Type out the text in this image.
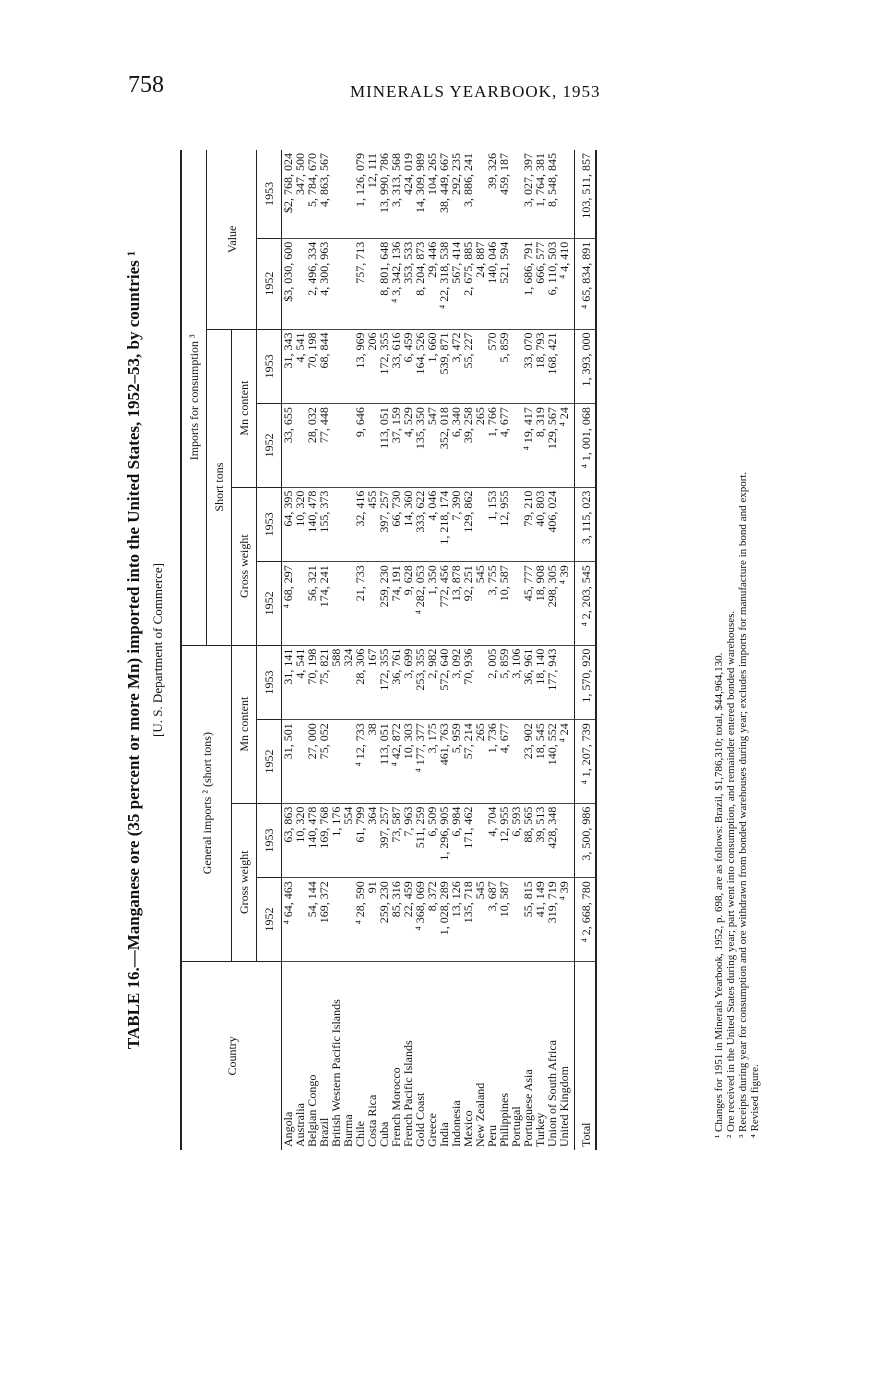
758	MINERALS YEARBOOK, 1953
TABLE 16.—Manganese ore (35 percent or more Mn) imported into the United States, 1952–53, by countries ¹ [U. S. Department of Commerce]
Country	General imports ² (short tons)				Imports for consumption ³					
					Short tons				Value	
	Gross weight		Mn content		Gross weight		Mn content			
	1952	1953	1952	1953	1952	1953	1952	1953	1952	1953
Angola	⁴ 64, 463	63, 863	31, 501	31, 141	⁴ 68, 297	64, 395	33, 655	31, 343	$3, 030, 600	$2, 768, 024
Australia		10, 320		4, 541		10, 320		4, 541		347, 500
Belgian Congo	54, 144	140, 478	27, 000	70, 198	56, 321	140, 478	28, 032	70, 198	2, 496, 334	5, 784, 670
Brazil	169, 372	169, 768	75, 052	75, 821	174, 241	155, 373	77, 448	68, 844	4, 300, 963	4, 863, 567
British Western Pacific Islands		1, 176		588						
Burma		554		324						
Chile	⁴ 28, 590	61, 799	⁴ 12, 733	28, 306	21, 733	32, 416	9, 646	13, 969	757, 713	1, 126, 079
Costa Rica	91	364	38	167		455		206		12, 111
Cuba	259, 230	397, 257	113, 051	172, 355	259, 230	397, 257	113, 051	172, 355	8, 801, 648	13, 990, 786
French Morocco	85, 316	73, 587	⁴ 42, 872	36, 761	74, 191	66, 730	37, 159	33, 616	⁴ 3, 342, 136	3, 313, 568
French Pacific Islands	22, 459	7, 963	10, 303	3, 699	9, 628	14, 360	4, 529	6, 459	353, 533	424, 019
Gold Coast	⁴ 368, 069	511, 259	⁴ 177, 377	253, 355	⁴ 282, 053	333, 622	135, 350	164, 526	8, 204, 873	14, 309, 989
Greece	8, 372	6, 509	3, 175	2, 982	1, 350	4, 046	547	1, 660	29, 446	104, 265
India	1, 028, 289	1, 296, 905	461, 763	572, 640	772, 456	1, 218, 174	352, 018	539, 871	⁴ 22, 318, 538	38, 449, 667
Indonesia	13, 126	6, 984	5, 959	3, 092	13, 878	7, 390	6, 340	3, 472	567, 414	292, 235
Mexico	135, 718	171, 462	57, 214	70, 936	92, 251	129, 862	39, 258	55, 227	2, 675, 885	3, 886, 241
New Zealand	545		265		545		265		24, 887	
Peru	3, 687	4, 704	1, 736	2, 005	3, 755	1, 153	1, 766	570	140, 046	39, 326
Philippines	10, 587	12, 955	4, 677	5, 859	10, 587	12, 955	4, 677	5, 859	521, 594	459, 187
Portugal		6, 593		3, 106						
Portuguese Asia	55, 815	88, 565	23, 902	36, 961	45, 777	79, 210	⁴ 19, 417	33, 070	1, 686, 791	3, 027, 397
Turkey	41, 149	39, 513	18, 545	18, 140	18, 908	40, 803	8, 319	18, 793	666, 577	1, 764, 381
Union of South Africa	319, 719	428, 348	140, 552	177, 943	298, 305	406, 024	129, 567	168, 421	6, 110, 503	8, 548, 845
United Kingdom	⁴ 39		⁴ 24		⁴ 39		⁴ 24		⁴ 4, 410	
Total	⁴ 2, 668, 780	3, 500, 986	⁴ 1, 207, 739	1, 570, 920	⁴ 2, 203, 545	3, 115, 023	⁴ 1, 001, 068	1, 393, 000	⁴ 65, 834, 891	103, 511, 857
¹ Changes for 1951 in Minerals Yearbook, 1952, p. 698, are as follows: Brazil, $1,786,310; total, $44,964,130. ² Ore received in the United States during year; part went into consumption, and remainder entered bonded warehouses. ³ Receipts during year for consumption and ore withdrawn from bonded warehouses during year; excludes imports for manufacture in bond and export. ⁴ Revised figure.
